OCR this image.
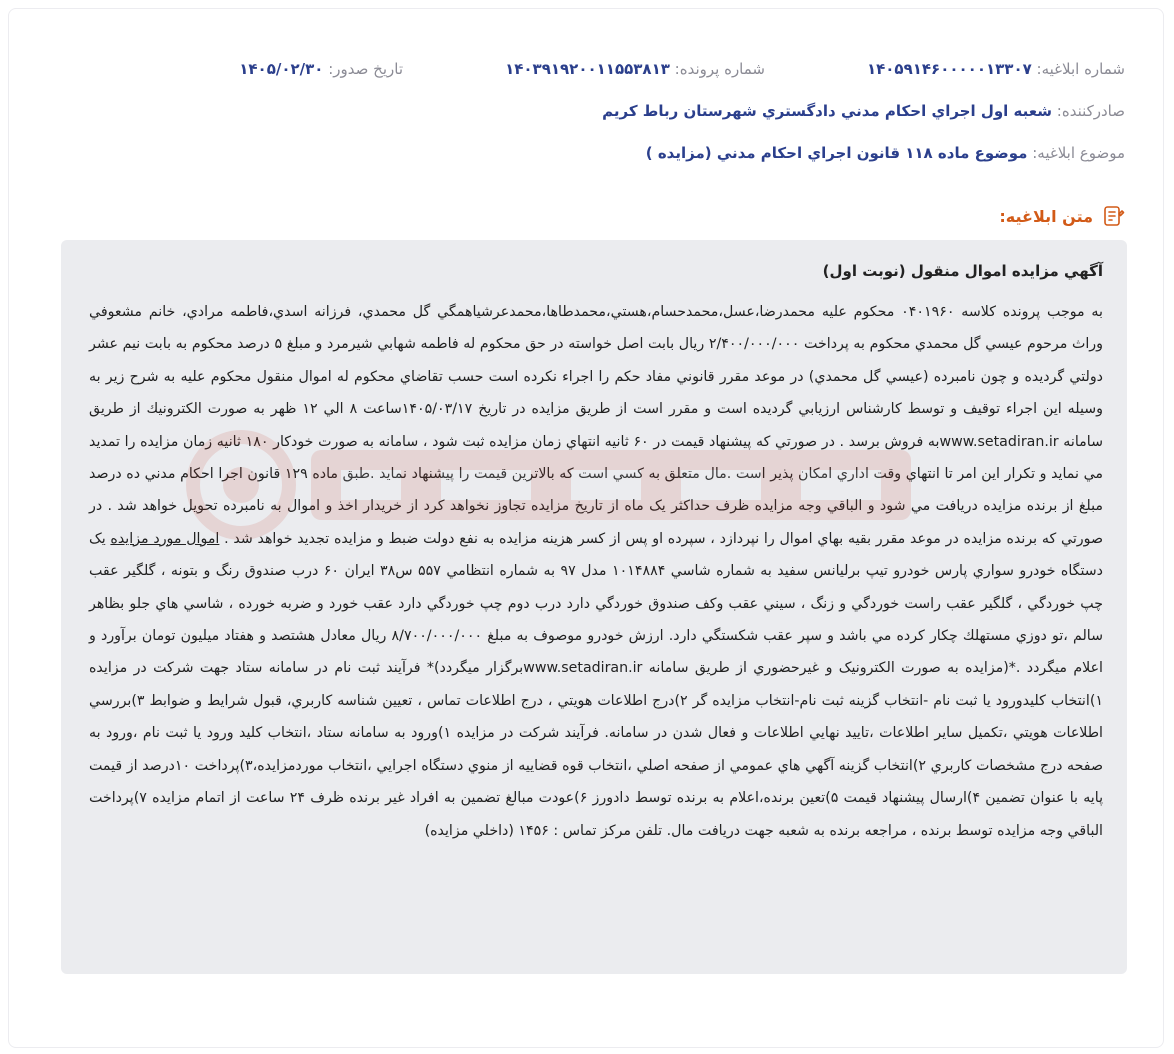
شماره ابلاغيه: ۱۴۰۵۹۱۴۶۰۰۰۰۰۱۳۳۰۷
شماره پرونده: ۱۴۰۳۹۱۹۲۰۰۱۱۵۵۳۸۱۳
تاريخ صدور: ۱۴۰۵/۰۲/۳۰
صادرکننده: شعبه اول اجراي احكام مدني دادگستري شهرستان رباط كريم
موضوع ابلاغيه: موضوع ماده ۱۱۸ قانون اجراي احكام مدني (مزايده )
متن ابلاغيه:

آگهي مزايده اموال منقول (نوبت اول)

به موجب پرونده كلاسه ۰۴۰۱۹۶۰ محكوم عليه محمدرضا،عسل،محمدحسام،هستي،محمدطاها،محمدعرشياهمگي گل محمدي، فرزانه اسدي،فاطمه مرادي، خانم مشعوفي وراث مرحوم عيسي گل محمدي محكوم به پرداخت ۲/۴۰۰/۰۰۰/۰۰۰ ريال بابت اصل خواسته در حق محكوم له فاطمه شهابي شيرمرد و مبلغ ۵ درصد محكوم به بابت نيم عشر دولتي گرديده و چون نامبرده (عيسي گل محمدي) در موعد مقرر قانوني مفاد حكم را اجراء نكرده است حسب تقاضاي محكوم له اموال منقول محكوم عليه به شرح زير به وسيله اين اجراء توقيف و توسط كارشناس ارزيابي گرديده است و مقرر است از طريق مزايده در تاريخ ۱۴۰۵/۰۳/۱۷ساعت ۸ الي ۱۲ ظهر به صورت الكترونيك از طريق سامانه www.setadiran.irبه فروش برسد . در صورتي كه پيشنهاد قيمت در ۶۰ ثانيه انتهاي زمان مزايده ثبت شود ، سامانه به صورت خودكار ۱۸۰ ثانيه زمان مزايده را تمديد مي نمايد و تكرار اين امر تا انتهاي وقت اداري امكان پذير است .مال متعلق به كسي است كه بالاترين قيمت را پيشنهاد نمايد .طبق ماده ۱۲۹ قانون اجرا احكام مدني ده درصد مبلغ از برنده مزايده دريافت مي شود و الباقي وجه مزايده ظرف حداكثر يک ماه از تاريخ مزايده تجاوز نخواهد كرد از خريدار اخذ و اموال به نامبرده تحويل خواهد شد . در صورتي كه برنده مزايده در موعد مقرر بقيه بهاي اموال را نپردازد ، سپرده او پس از كسر هزينه مزايده به نفع دولت ضبط و مزايده تجديد خواهد شد . اموال مورد مزايده يک دستگاه خودرو سواري پارس خودرو تيپ برليانس سفيد به شماره شاسي ۱۰۱۴۸۸۴ مدل ۹۷ به شماره انتظامي ۵۵۷ س۳۸ ايران ۶۰ درب صندوق رنگ و بتونه ، گلگير عقب چپ خوردگي ، گلگير عقب راست خوردگي و زنگ ، سيني عقب وكف صندوق خوردگي دارد درب دوم چپ خوردگي دارد عقب خورد و ضربه خورده ، شاسي هاي جلو بظاهر سالم ،تو دوزي مستهلك چكار كرده مي باشد و سپر عقب شكستگي دارد. ارزش خودرو موصوف به مبلغ ۸/۷۰۰/۰۰۰/۰۰۰ ريال معادل هشتصد و هفتاد ميليون تومان برآورد و اعلام ميگردد .*(مزايده به صورت الكترونيک و غيرحضوري از طريق سامانه www.setadiran.irبرگزار ميگردد)* فرآيند ثبت نام در سامانه ستاد جهت شركت در مزايده ۱)انتخاب كليدورود يا ثبت نام -انتخاب گزينه ثبت نام-انتخاب مزايده گر ۲)درج اطلاعات هويتي ، درج اطلاعات تماس ، تعيين شناسه كاربري، قبول شرايط و ضوابط ۳)بررسي اطلاعات هويتي ،تكميل ساير اطلاعات ،تاييد نهايي اطلاعات و فعال شدن در سامانه. فرآيند شركت در مزايده ۱)ورود به سامانه ستاد ،انتخاب كليد ورود يا ثبت نام ،ورود به صفحه درج مشخصات كاربري ۲)انتخاب گزينه آگهي هاي عمومي از صفحه اصلي ،انتخاب قوه قضاييه از منوي دستگاه اجرايي ،انتخاب موردمزايده،۳)پرداخت ۱۰درصد از قيمت پايه با عنوان تضمين ۴)ارسال پيشنهاد قيمت ۵)تعين برنده،اعلام به برنده توسط دادورز ۶)عودت مبالغ تضمين به افراد غير برنده ظرف ۲۴ ساعت از اتمام مزايده ۷)پرداخت الباقي وجه مزايده توسط برنده ، مراجعه برنده به شعبه جهت دريافت مال. تلفن مركز تماس : ۱۴۵۶ (داخلي مزايده)
